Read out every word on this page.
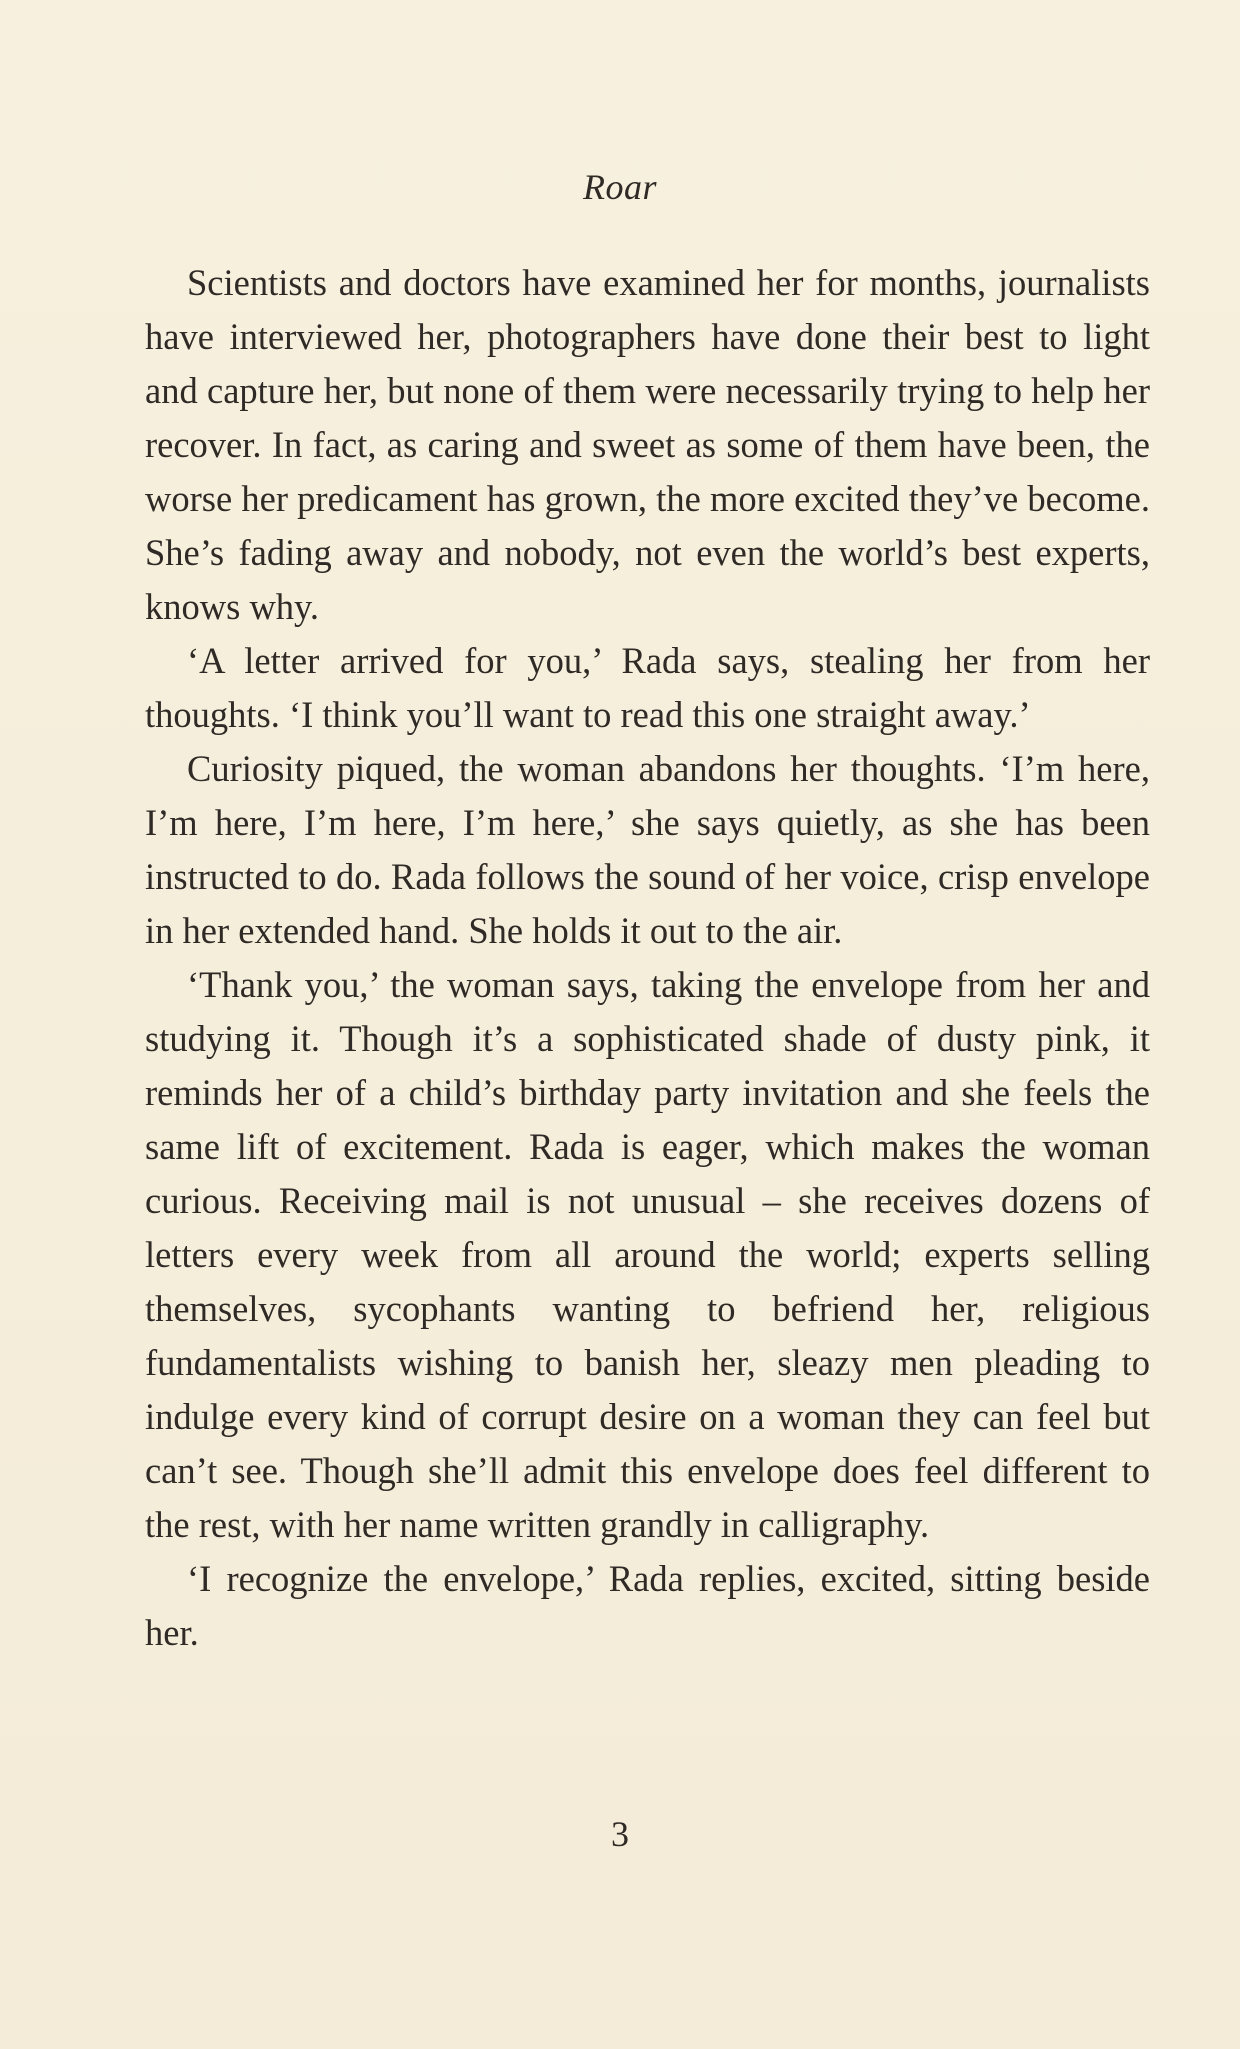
Roar

Scientists and doctors have examined her for months, journalists have interviewed her, photographers have done their best to light and capture her, but none of them were necessarily trying to help her recover. In fact, as caring and sweet as some of them have been, the worse her predicament has grown, the more excited they’ve become. She’s fading away and nobody, not even the world’s best experts, knows why.

‘A letter arrived for you,’ Rada says, stealing her from her thoughts. ‘I think you’ll want to read this one straight away.’

Curiosity piqued, the woman abandons her thoughts. ‘I’m here, I’m here, I’m here, I’m here,’ she says quietly, as she has been instructed to do. Rada follows the sound of her voice, crisp envelope in her extended hand. She holds it out to the air.

‘Thank you,’ the woman says, taking the envelope from her and studying it. Though it’s a sophisticated shade of dusty pink, it reminds her of a child’s birthday party invitation and she feels the same lift of excitement. Rada is eager, which makes the woman curious. Receiving mail is not unusual – she receives dozens of letters every week from all around the world; experts selling themselves, sycophants wanting to befriend her, religious fundamentalists wishing to banish her, sleazy men pleading to indulge every kind of corrupt desire on a woman they can feel but can’t see. Though she’ll admit this envelope does feel different to the rest, with her name written grandly in calligraphy.

‘I recognize the envelope,’ Rada replies, excited, sitting beside her.

3
